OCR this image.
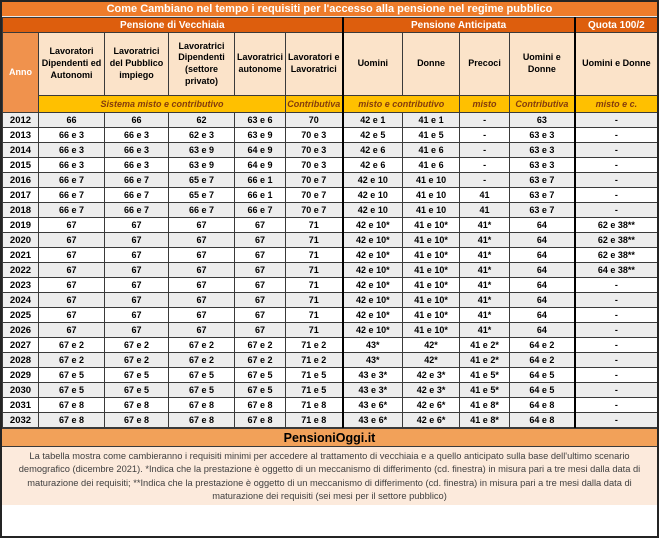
Come Cambiano nel tempo i requisiti per l'accesso alla pensione nel regime pubblico
Pensione di Vecchiaia						Pensione Anticipata				Quota 100/2
Anno	Lavoratori Dipendenti ed Autonomi	Lavoratrici del Pubblico impiego	Lavoratrici Dipendenti (settore privato)	Lavoratrici autonome	Lavoratori e Lavoratrici	Uomini	Donne	Precoci	Uomini e Donne	Uomini e Donne
	Sistema misto e contributivo				Contributiva	misto e contributivo		misto	Contributiva	misto e c.
2012	66	66	62	63 e 6	70	42 e 1	41 e 1	-	63	-
2013	66 e 3	66 e 3	62 e 3	63 e 9	70 e 3	42 e 5	41 e 5	-	63 e 3	-
2014	66 e 3	66 e 3	63 e 9	64 e 9	70 e 3	42 e 6	41 e 6	-	63 e 3	-
2015	66 e 3	66 e 3	63 e 9	64 e 9	70 e 3	42 e 6	41 e 6	-	63 e 3	-
2016	66 e 7	66 e 7	65 e 7	66 e 1	70 e 7	42 e 10	41 e 10	-	63 e 7	-
2017	66 e 7	66 e 7	65 e 7	66 e 1	70 e 7	42 e 10	41 e 10	41	63 e 7	-
2018	66 e 7	66 e 7	66 e 7	66 e 7	70 e 7	42 e 10	41 e 10	41	63 e 7	-
2019	67	67	67	67	71	42 e 10*	41 e 10*	41*	64	62 e 38**
2020	67	67	67	67	71	42 e 10*	41 e 10*	41*	64	62 e 38**
2021	67	67	67	67	71	42 e 10*	41 e 10*	41*	64	62 e 38**
2022	67	67	67	67	71	42 e 10*	41 e 10*	41*	64	64 e 38**
2023	67	67	67	67	71	42 e 10*	41 e 10*	41*	64	-
2024	67	67	67	67	71	42 e 10*	41 e 10*	41*	64	-
2025	67	67	67	67	71	42 e 10*	41 e 10*	41*	64	-
2026	67	67	67	67	71	42 e 10*	41 e 10*	41*	64	-
2027	67 e 2	67 e 2	67 e 2	67 e 2	71 e 2	43*	42*	41 e 2*	64 e 2	-
2028	67 e 2	67 e 2	67 e 2	67 e 2	71 e 2	43*	42*	41 e 2*	64 e 2	-
2029	67 e 5	67 e 5	67 e 5	67 e 5	71 e 5	43 e 3*	42 e 3*	41 e 5*	64 e 5	-
2030	67 e 5	67 e 5	67 e 5	67 e 5	71 e 5	43 e 3*	42 e 3*	41 e 5*	64 e 5	-
2031	67 e 8	67 e 8	67 e 8	67 e 8	71 e 8	43 e 6*	42 e 6*	41 e 8*	64 e 8	-
2032	67 e 8	67 e 8	67 e 8	67 e 8	71 e 8	43 e 6*	42 e 6*	41 e 8*	64 e 8	-
PensioniOggi.it
La tabella mostra come cambieranno i requisiti minimi per accedere al trattamento di vecchiaia e a quello anticipato sulla base dell'ultimo scenario demografico (dicembre 2021). *Indica che la prestazione è oggetto di un meccanismo di differimento (cd. finestra) in misura pari a tre mesi dalla data di maturazione dei requisiti; **Indica che la prestazione è oggetto di un meccanismo di differimento (cd. finestra) in misura pari a tre mesi dalla data di maturazione dei requisiti (sei mesi per il settore pubblico)
